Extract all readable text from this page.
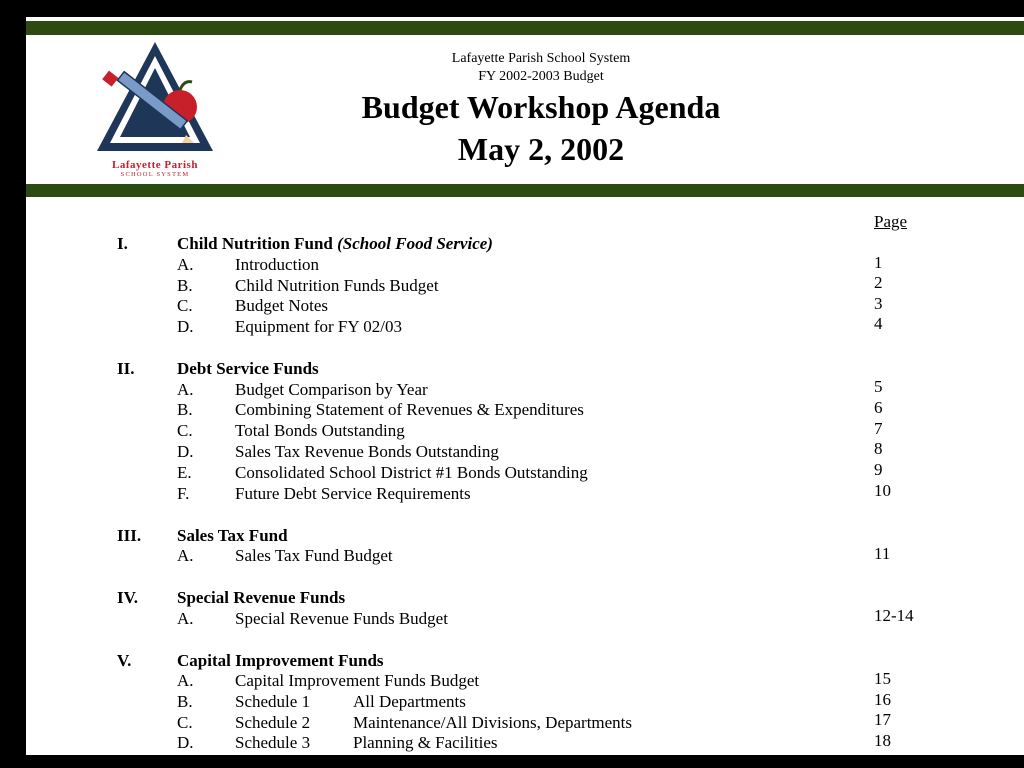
Lafayette Parish
SCHOOL SYSTEM
Lafayette Parish School System
FY 2002-2003 Budget
Budget Workshop Agenda
May 2, 2002
Page
I.	Child Nutrition Fund (School Food Service)
A. Introduction	1
B. Child Nutrition Funds Budget	2
C. Budget Notes	3
D. Equipment for FY 02/03	4
II.	Debt Service Funds
A. Budget Comparison by Year	5
B. Combining Statement of Revenues & Expenditures	6
C. Total Bonds Outstanding	7
D. Sales Tax Revenue Bonds Outstanding	8
E.	Consolidated School District #1 Bonds Outstanding	9
F.	Future Debt Service Requirements	10
III. Sales Tax Fund
A. Sales Tax Fund Budget	11
IV. Special Revenue Funds
A. Special Revenue Funds Budget	12-14
V.	Capital Improvement Funds
A. Capital Improvement Funds Budget	15
B. Schedule 1	All Departments	16
C. Schedule 2	Maintenance/All Divisions, Departments	17
D. Schedule 3	Planning & Facilities	18
